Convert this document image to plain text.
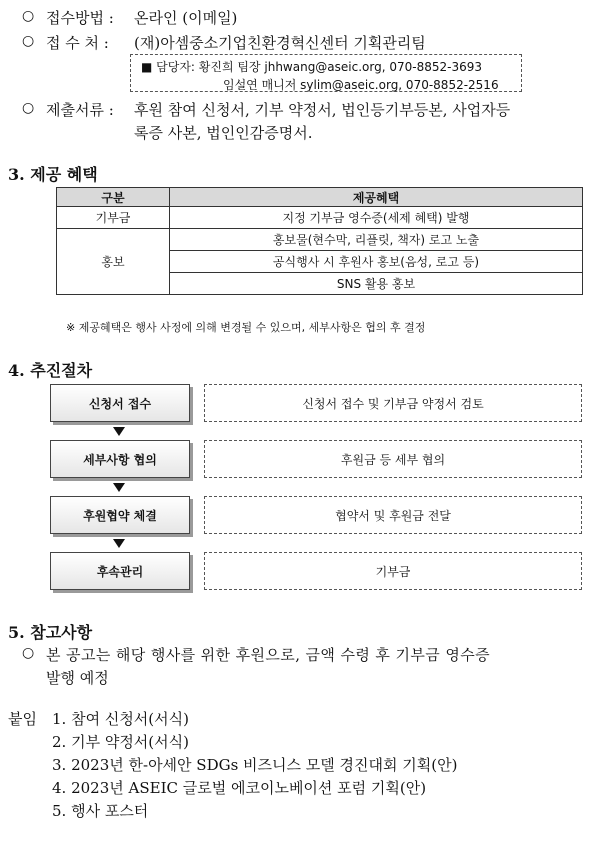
○ 접수방법 : 온라인 (이메일)
○ 접 수 처 : (재)아셈중소기업친환경혁신센터 기획관리팀
■ 담당자: 황진희 팀장 jhhwang@aseic.org, 070-8852-3693
임설연 매니저 sylim@aseic.org, 070-8852-2516
○ 제출서류 : 후원 참여 신청서, 기부 약정서, 법인등기부등본, 사업자등
록증 사본, 법인인감증명서.
3. 제공 혜택
구분	제공혜택
기부금	지정 기부금 영수증(세제 혜택) 발행
홍보	홍보물(현수막, 리플릿, 책자) 로고 노출
	공식행사 시 후원사 홍보(음성, 로고 등)
	SNS 활용 홍보
※ 제공혜택은 행사 사정에 의해 변경될 수 있으며, 세부사항은 협의 후 결정
4. 추진절차
신청서 접수	신청서 접수 및 기부금 약정서 검토
세부사항 협의	후원금 등 세부 협의
후원협약 체결	협약서 및 후원금 전달
후속관리	기부금
5. 참고사항
○ 본 공고는 해당 행사를 위한 후원으로, 금액 수령 후 기부금 영수증
발행 예정
붙임 1. 참여 신청서(서식)
2. 기부 약정서(서식)
3. 2023년 한-아세안 SDGs 비즈니스 모델 경진대회 기획(안)
4. 2023년 ASEIC 글로벌 에코이노베이션 포럼 기획(안)
5. 행사 포스터
